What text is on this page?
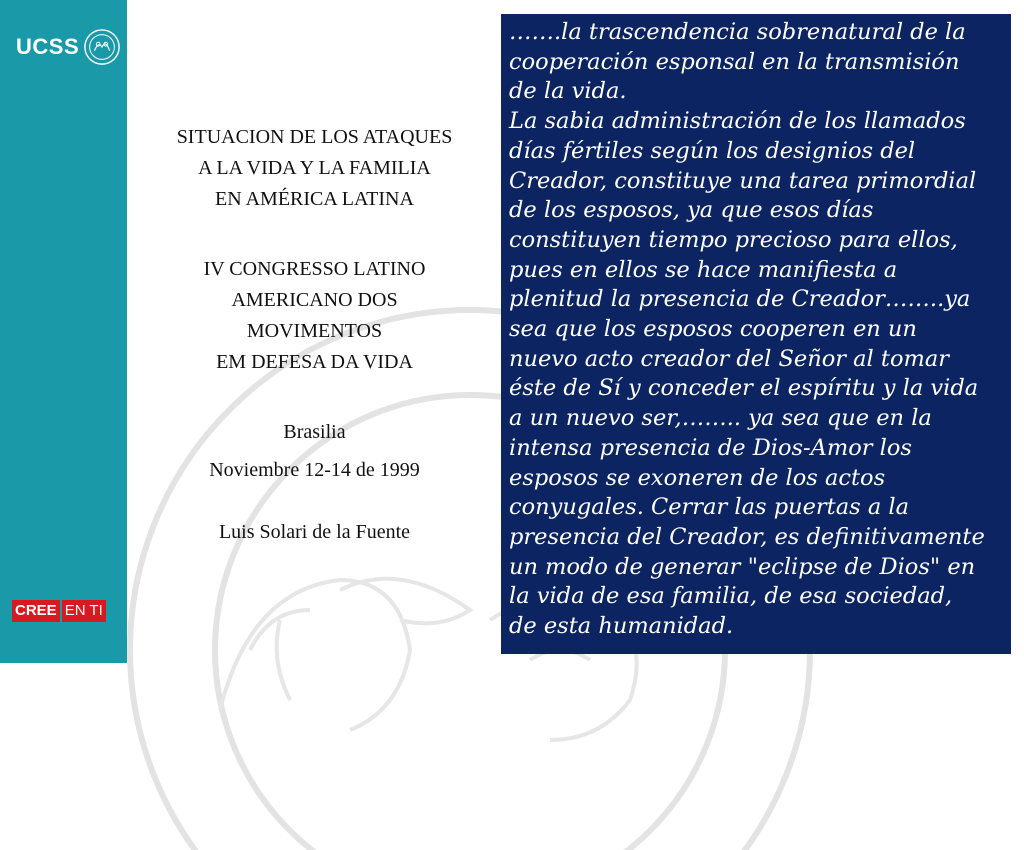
UCSS
CREE EN TI
SITUACION DE LOS ATAQUES
A LA VIDA Y LA FAMILIA
EN AMÉRICA LATINA
IV CONGRESSO LATINO
AMERICANO DOS
MOVIMENTOS
EM DEFESA DA VIDA
Brasilia
Noviembre 12-14 de 1999
Luis Solari de la Fuente

…….la trascendencia sobrenatural de la
cooperación esponsal en la transmisión
de la vida.
La sabia administración de los llamados
días fértiles según los designios del
Creador, constituye una tarea primordial
de los esposos, ya que esos días
constituyen tiempo precioso para ellos,
pues en ellos se hace manifiesta a
plenitud la presencia de Creador……..ya
sea que los esposos cooperen en un
nuevo acto creador del Señor al tomar
éste de Sí y conceder el espíritu y la vida
a un nuevo ser,…….. ya sea que en la
intensa presencia de Dios-Amor los
esposos se exoneren de los actos
conyugales. Cerrar las puertas a la
presencia del Creador, es definitivamente
un modo de generar "eclipse de Dios" en
la vida de esa familia, de esa sociedad,
de esta humanidad.
